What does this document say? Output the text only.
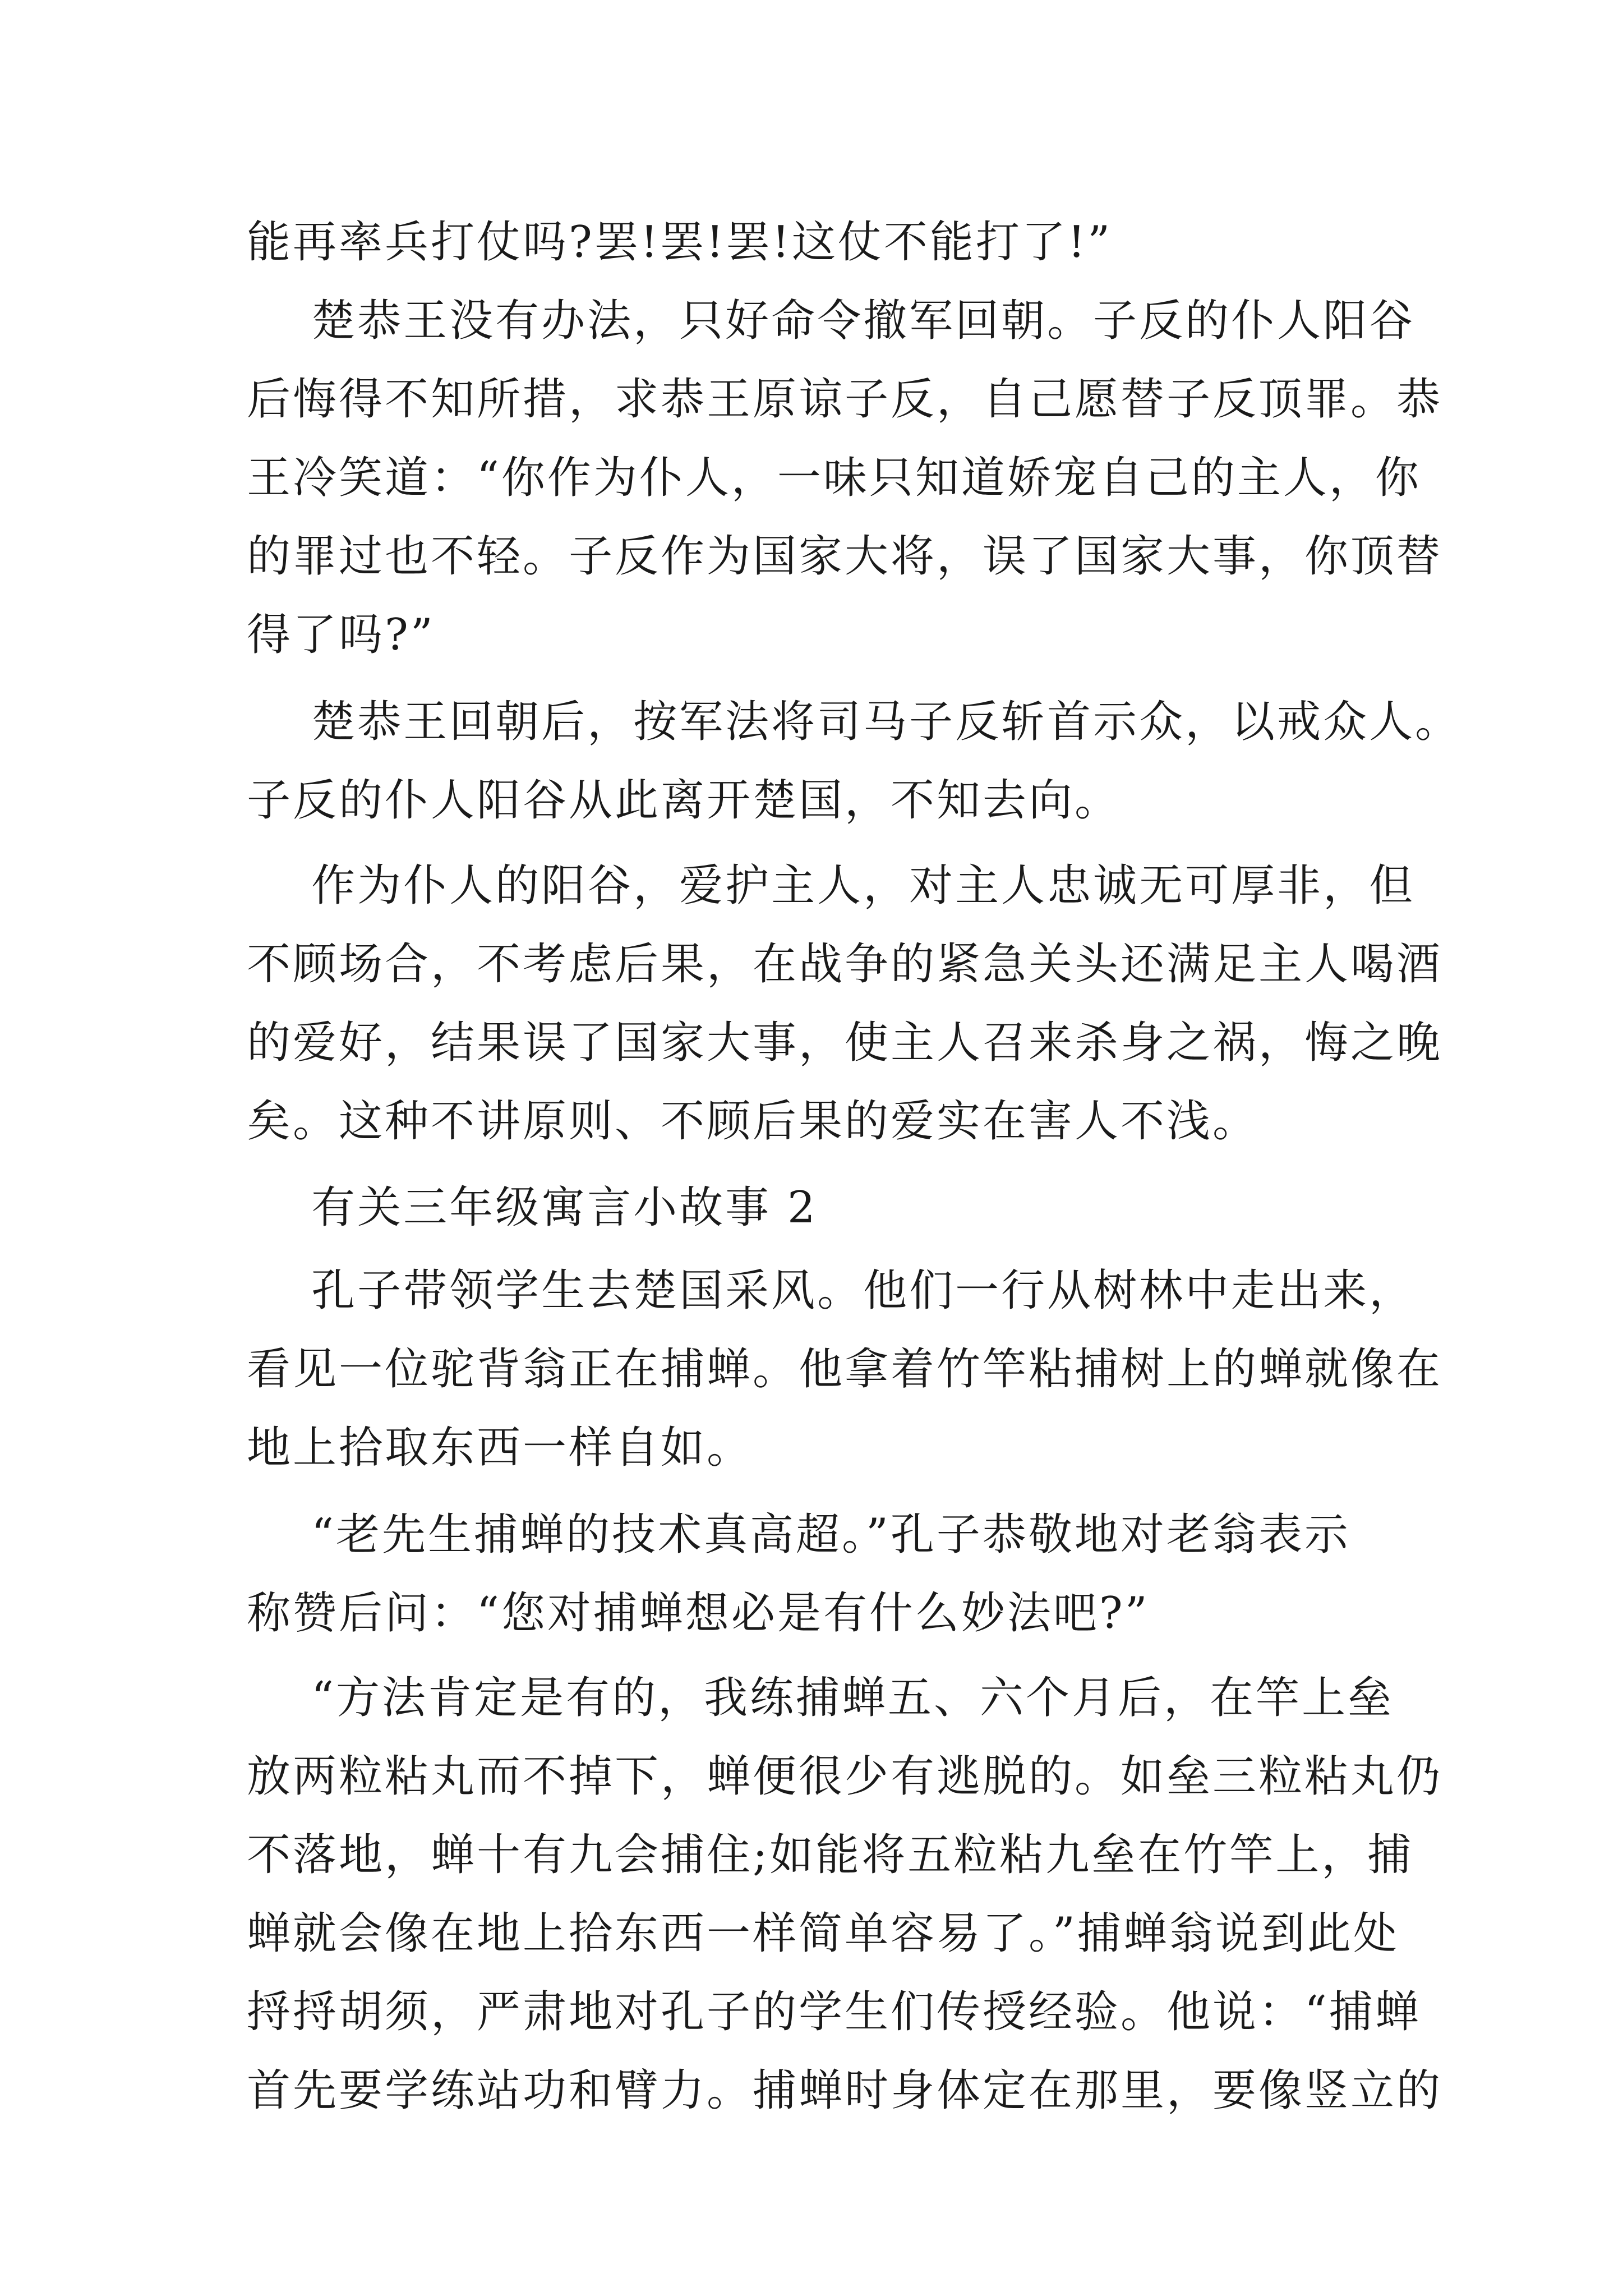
能再率兵打仗吗?罢!罢!罢!这仗不能打了!”
楚恭王没有办法，只好命令撤军回朝。子反的仆人阳谷
后悔得不知所措，求恭王原谅子反，自己愿替子反顶罪。恭
王冷笑道：“你作为仆人，一味只知道娇宠自己的主人，你
的罪过也不轻。子反作为国家大将，误了国家大事，你顶替
得了吗?”
楚恭王回朝后，按军法将司马子反斩首示众，以戒众人。
子反的仆人阳谷从此离开楚国，不知去向。
作为仆人的阳谷，爱护主人，对主人忠诚无可厚非，但
不顾场合，不考虑后果，在战争的紧急关头还满足主人喝酒
的爱好，结果误了国家大事，使主人召来杀身之祸，悔之晚
矣。这种不讲原则、不顾后果的爱实在害人不浅。
有关三年级寓言小故事 2
孔子带领学生去楚国采风。他们一行从树林中走出来，
看见一位驼背翁正在捕蝉。他拿着竹竿粘捕树上的蝉就像在
地上拾取东西一样自如。
“老先生捕蝉的技术真高超。”孔子恭敬地对老翁表示
称赞后问：“您对捕蝉想必是有什么妙法吧?”
“方法肯定是有的，我练捕蝉五、六个月后，在竿上垒
放两粒粘丸而不掉下，蝉便很少有逃脱的。如垒三粒粘丸仍
不落地，蝉十有九会捕住;如能将五粒粘九垒在竹竿上，捕
蝉就会像在地上拾东西一样简单容易了。”捕蝉翁说到此处
捋捋胡须，严肃地对孔子的学生们传授经验。他说：“捕蝉
首先要学练站功和臂力。捕蝉时身体定在那里，要像竖立的
